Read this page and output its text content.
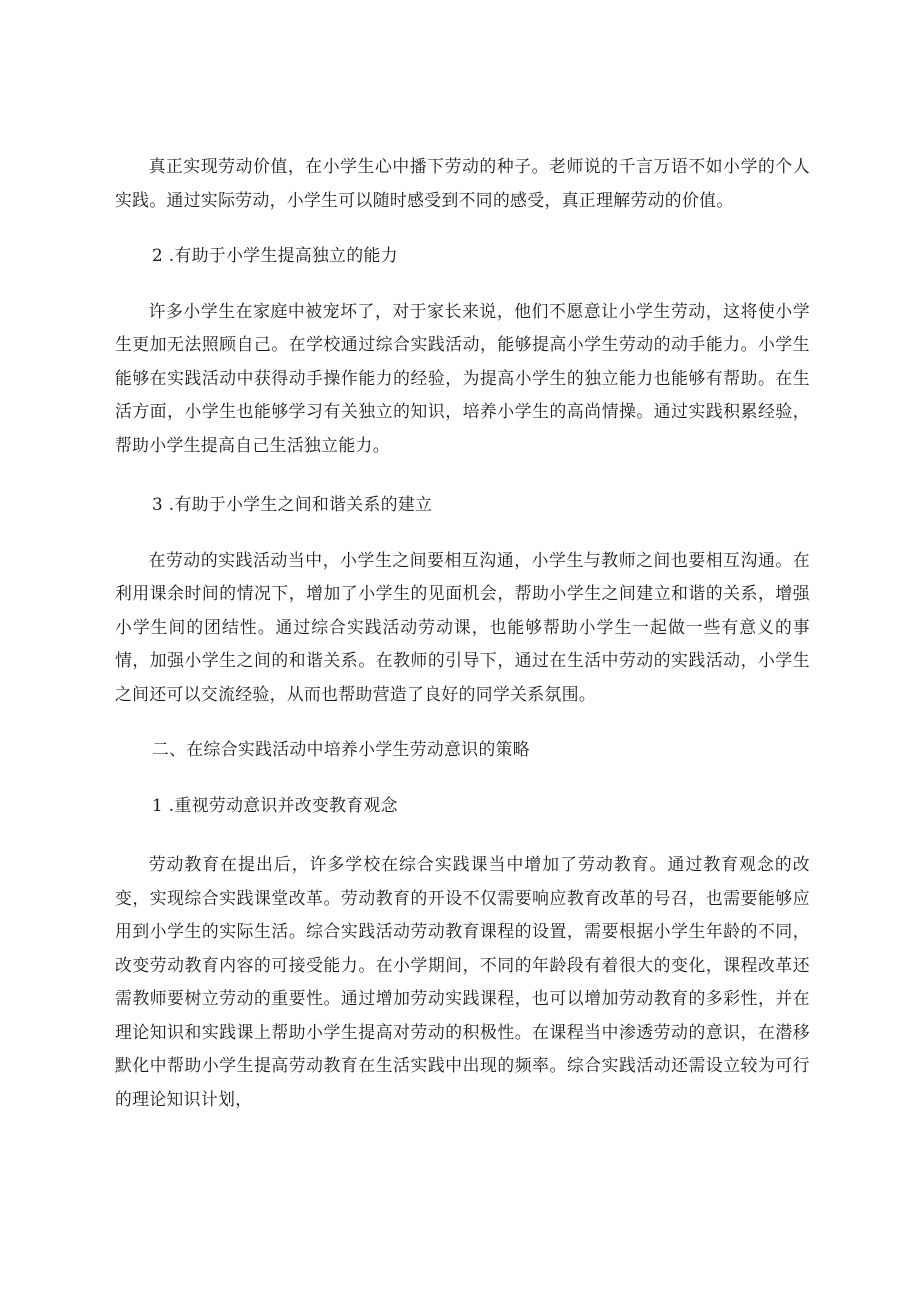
真正实现劳动价值，在小学生心中播下劳动的种子。老师说的千言万语不如小学的个人实践。通过实际劳动，小学生可以随时感受到不同的感受，真正理解劳动的价值。

2 .有助于小学生提高独立的能力

许多小学生在家庭中被宠坏了，对于家长来说，他们不愿意让小学生劳动，这将使小学生更加无法照顾自己。在学校通过综合实践活动，能够提高小学生劳动的动手能力。小学生能够在实践活动中获得动手操作能力的经验，为提高小学生的独立能力也能够有帮助。在生活方面，小学生也能够学习有关独立的知识，培养小学生的高尚情操。通过实践积累经验，帮助小学生提高自己生活独立能力。

3 .有助于小学生之间和谐关系的建立

在劳动的实践活动当中，小学生之间要相互沟通，小学生与教师之间也要相互沟通。在利用课余时间的情况下，增加了小学生的见面机会，帮助小学生之间建立和谐的关系，增强小学生间的团结性。通过综合实践活动劳动课，也能够帮助小学生一起做一些有意义的事情，加强小学生之间的和谐关系。在教师的引导下，通过在生活中劳动的实践活动，小学生之间还可以交流经验，从而也帮助营造了良好的同学关系氛围。

二、在综合实践活动中培养小学生劳动意识的策略

1 .重视劳动意识并改变教育观念

劳动教育在提出后，许多学校在综合实践课当中增加了劳动教育。通过教育观念的改变，实现综合实践课堂改革。劳动教育的开设不仅需要响应教育改革的号召，也需要能够应用到小学生的实际生活。综合实践活动劳动教育课程的设置，需要根据小学生年龄的不同，改变劳动教育内容的可接受能力。在小学期间，不同的年龄段有着很大的变化，课程改革还需教师要树立劳动的重要性。通过增加劳动实践课程，也可以增加劳动教育的多彩性，并在理论知识和实践课上帮助小学生提高对劳动的积极性。在课程当中渗透劳动的意识，在潜移默化中帮助小学生提高劳动教育在生活实践中出现的频率。综合实践活动还需设立较为可行的理论知识计划，
